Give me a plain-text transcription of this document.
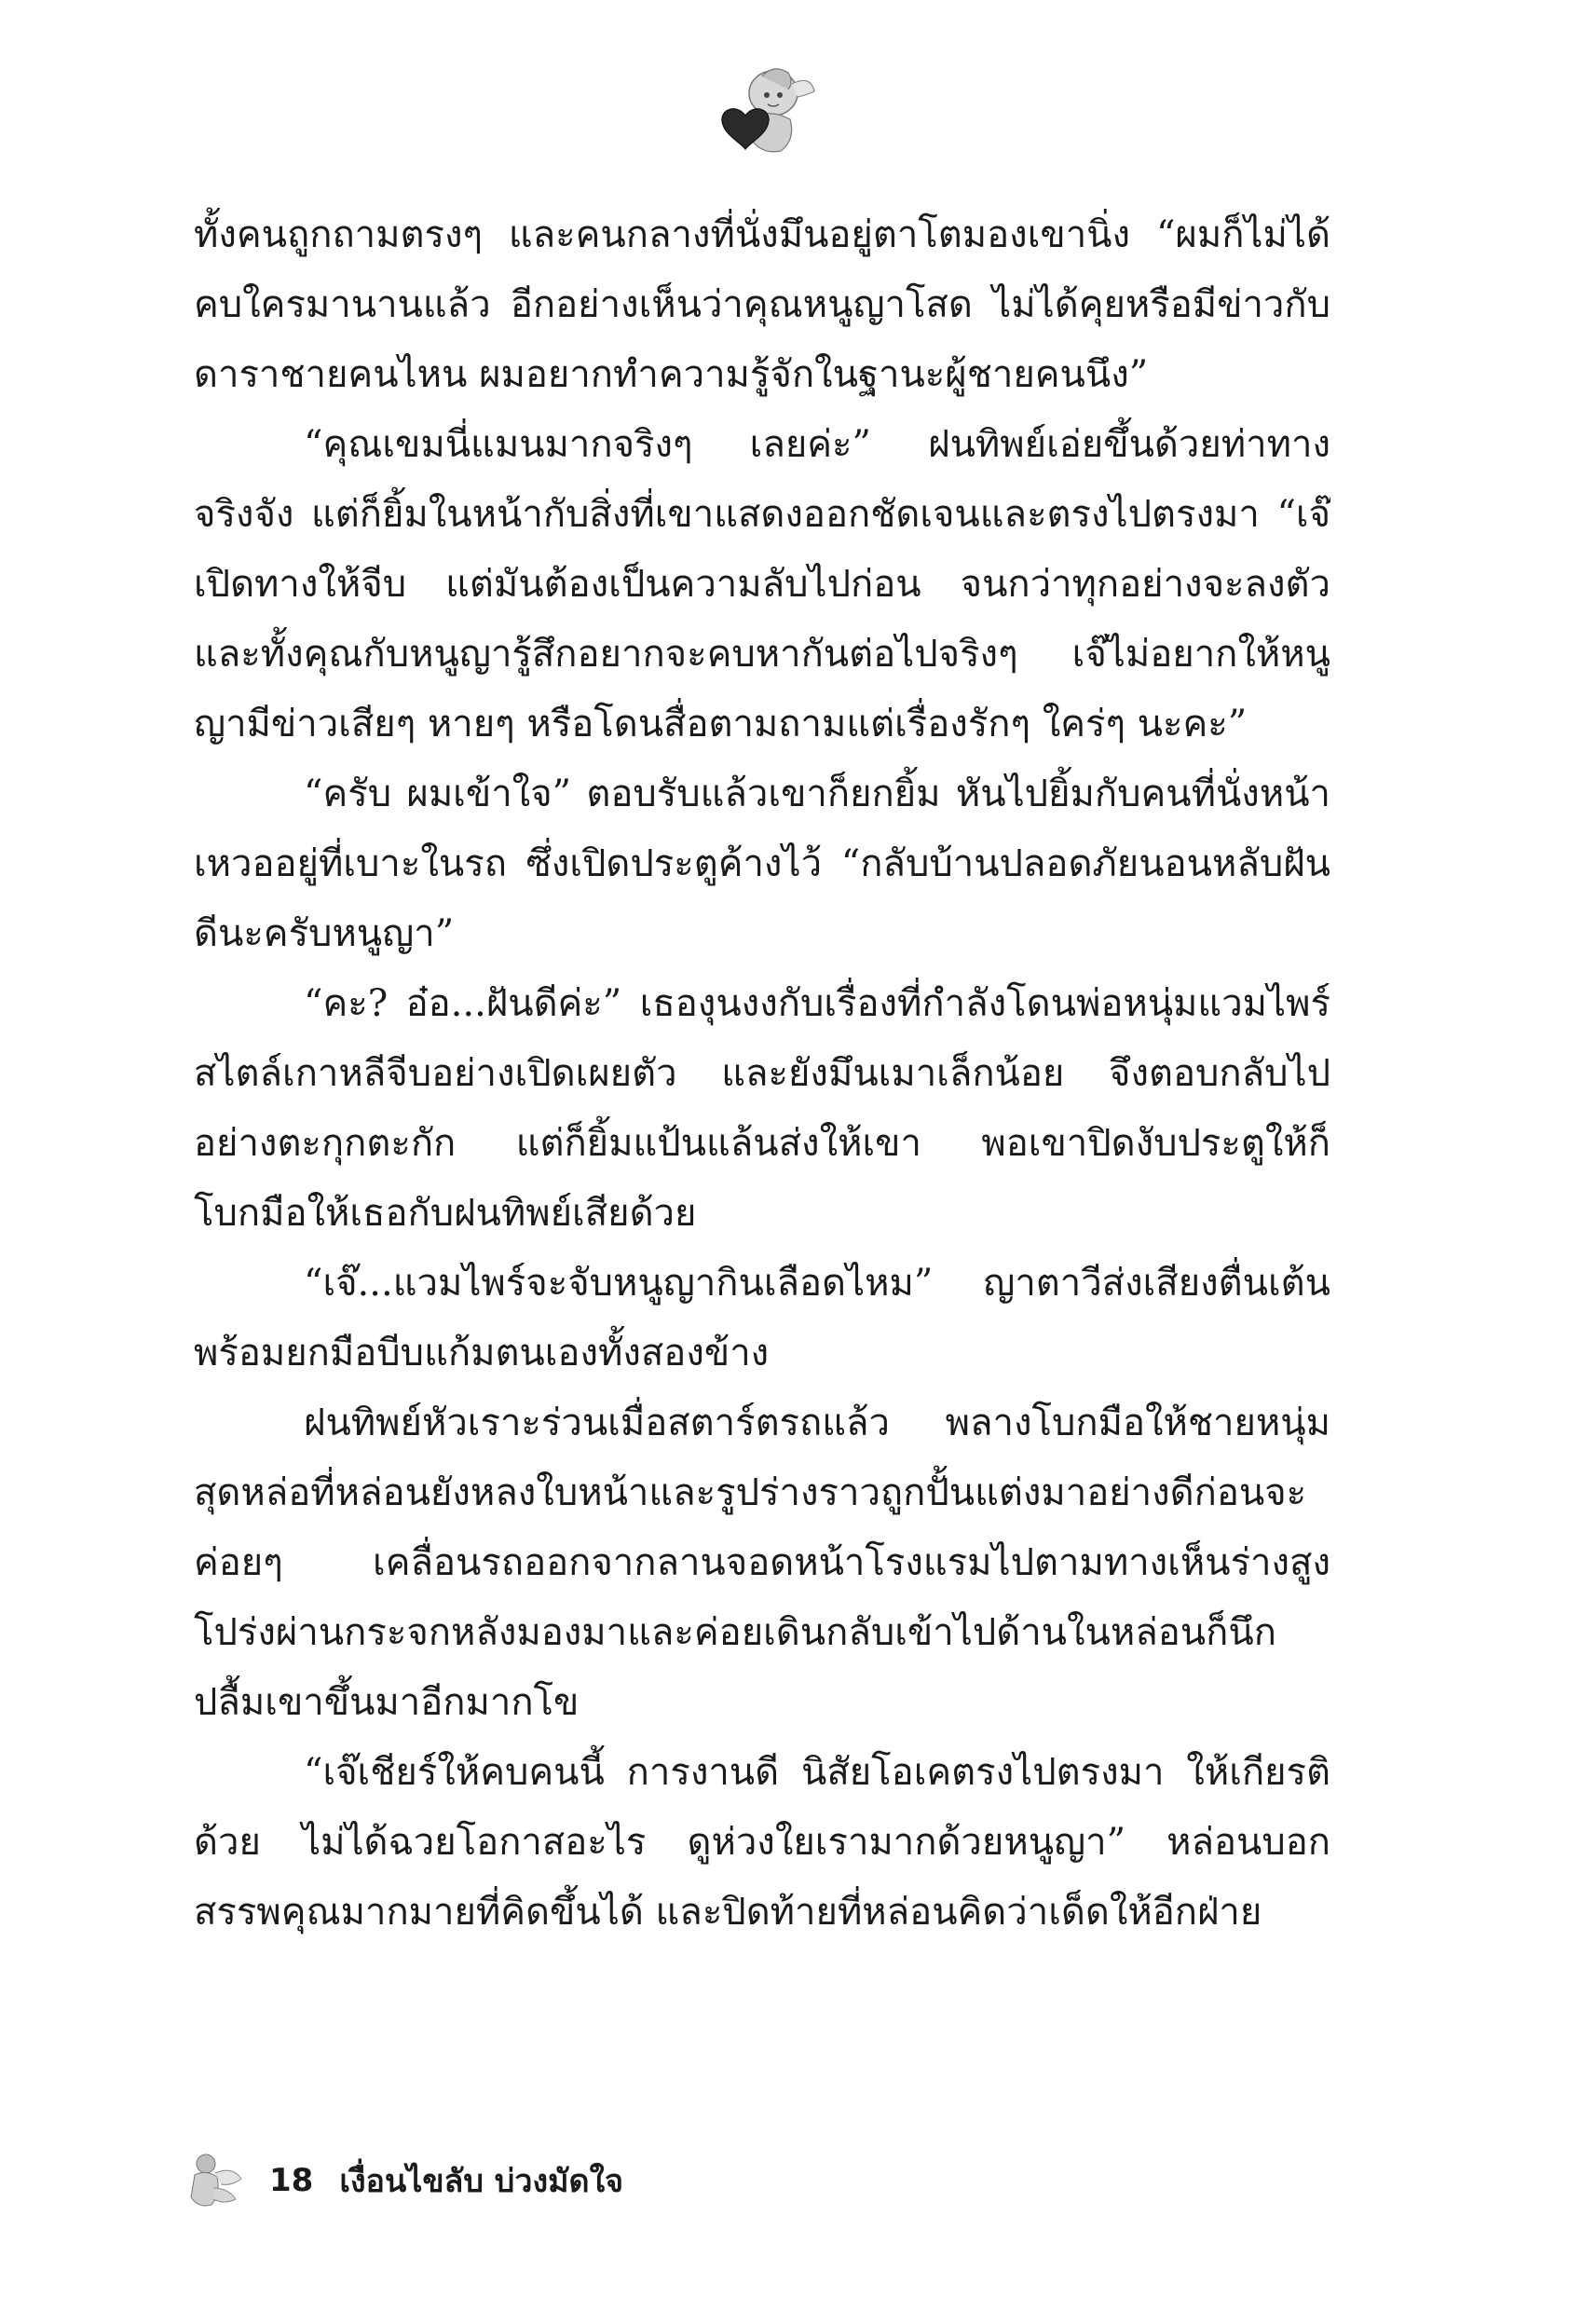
ทั้งคนถูกถามตรงๆ และคนกลางที่นั่งมึนอยู่ตาโตมองเขานิ่ง “ผมก็ไม่ได้คบใครมานานแล้ว อีกอย่างเห็นว่าคุณหนูญาโสด ไม่ได้คุยหรือมีข่าวกับดาราชายคนไหน ผมอยากทำความรู้จักในฐานะผู้ชายคนนึง”

“คุณเขมนี่แมนมากจริงๆ เลยค่ะ” ฝนทิพย์เอ่ยขึ้นด้วยท่าทางจริงจัง แต่ก็ยิ้มในหน้ากับสิ่งที่เขาแสดงออกชัดเจนและตรงไปตรงมา “เจ๊เปิดทางให้จีบ แต่มันต้องเป็นความลับไปก่อน จนกว่าทุกอย่างจะลงตัว และทั้งคุณกับหนูญารู้สึกอยากจะคบหากันต่อไปจริงๆ เจ๊ไม่อยากให้หนูญามีข่าวเสียๆ หายๆ หรือโดนสื่อตามถามแต่เรื่องรักๆ ใคร่ๆ นะคะ”

“ครับ ผมเข้าใจ” ตอบรับแล้วเขาก็ยกยิ้ม หันไปยิ้มกับคนที่นั่งหน้าเหวออยู่ที่เบาะในรถ ซึ่งเปิดประตูค้างไว้ “กลับบ้านปลอดภัยนอนหลับฝันดีนะครับหนูญา”

“คะ? อ๋อ...ฝันดีค่ะ” เธองุนงงกับเรื่องที่กำลังโดนพ่อหนุ่มแวมไพร์สไตล์เกาหลีจีบอย่างเปิดเผยตัว และยังมึนเมาเล็กน้อย จึงตอบกลับไปอย่างตะกุกตะกัก แต่ก็ยิ้มแป้นแล้นส่งให้เขา พอเขาปิดงับประตูให้ก็โบกมือให้เธอกับฝนทิพย์เสียด้วย

“เจ๊...แวมไพร์จะจับหนูญากินเลือดไหม” ญาตาวีส่งเสียงตื่นเต้นพร้อมยกมือบีบแก้มตนเองทั้งสองข้าง

ฝนทิพย์หัวเราะร่วนเมื่อสตาร์ตรถแล้ว พลางโบกมือให้ชายหนุ่มสุดหล่อที่หล่อนยังหลงใบหน้าและรูปร่างราวถูกปั้นแต่งมาอย่างดีก่อนจะค่อยๆ เคลื่อนรถออกจากลานจอดหน้าโรงแรมไปตามทางเห็นร่างสูงโปร่งผ่านกระจกหลังมองมาและค่อยเดินกลับเข้าไปด้านในหล่อนก็นึกปลื้มเขาขึ้นมาอีกมากโข

“เจ๊เชียร์ให้คบคนนี้ การงานดี นิสัยโอเคตรงไปตรงมา ให้เกียรติด้วย ไม่ได้ฉวยโอกาสอะไร ดูห่วงใยเรามากด้วยหนูญา” หล่อนบอกสรรพคุณมากมายที่คิดขึ้นได้ และปิดท้ายที่หล่อนคิดว่าเด็ดให้อีกฝ่าย

18 เงื่อนไขลับ บ่วงมัดใจ
